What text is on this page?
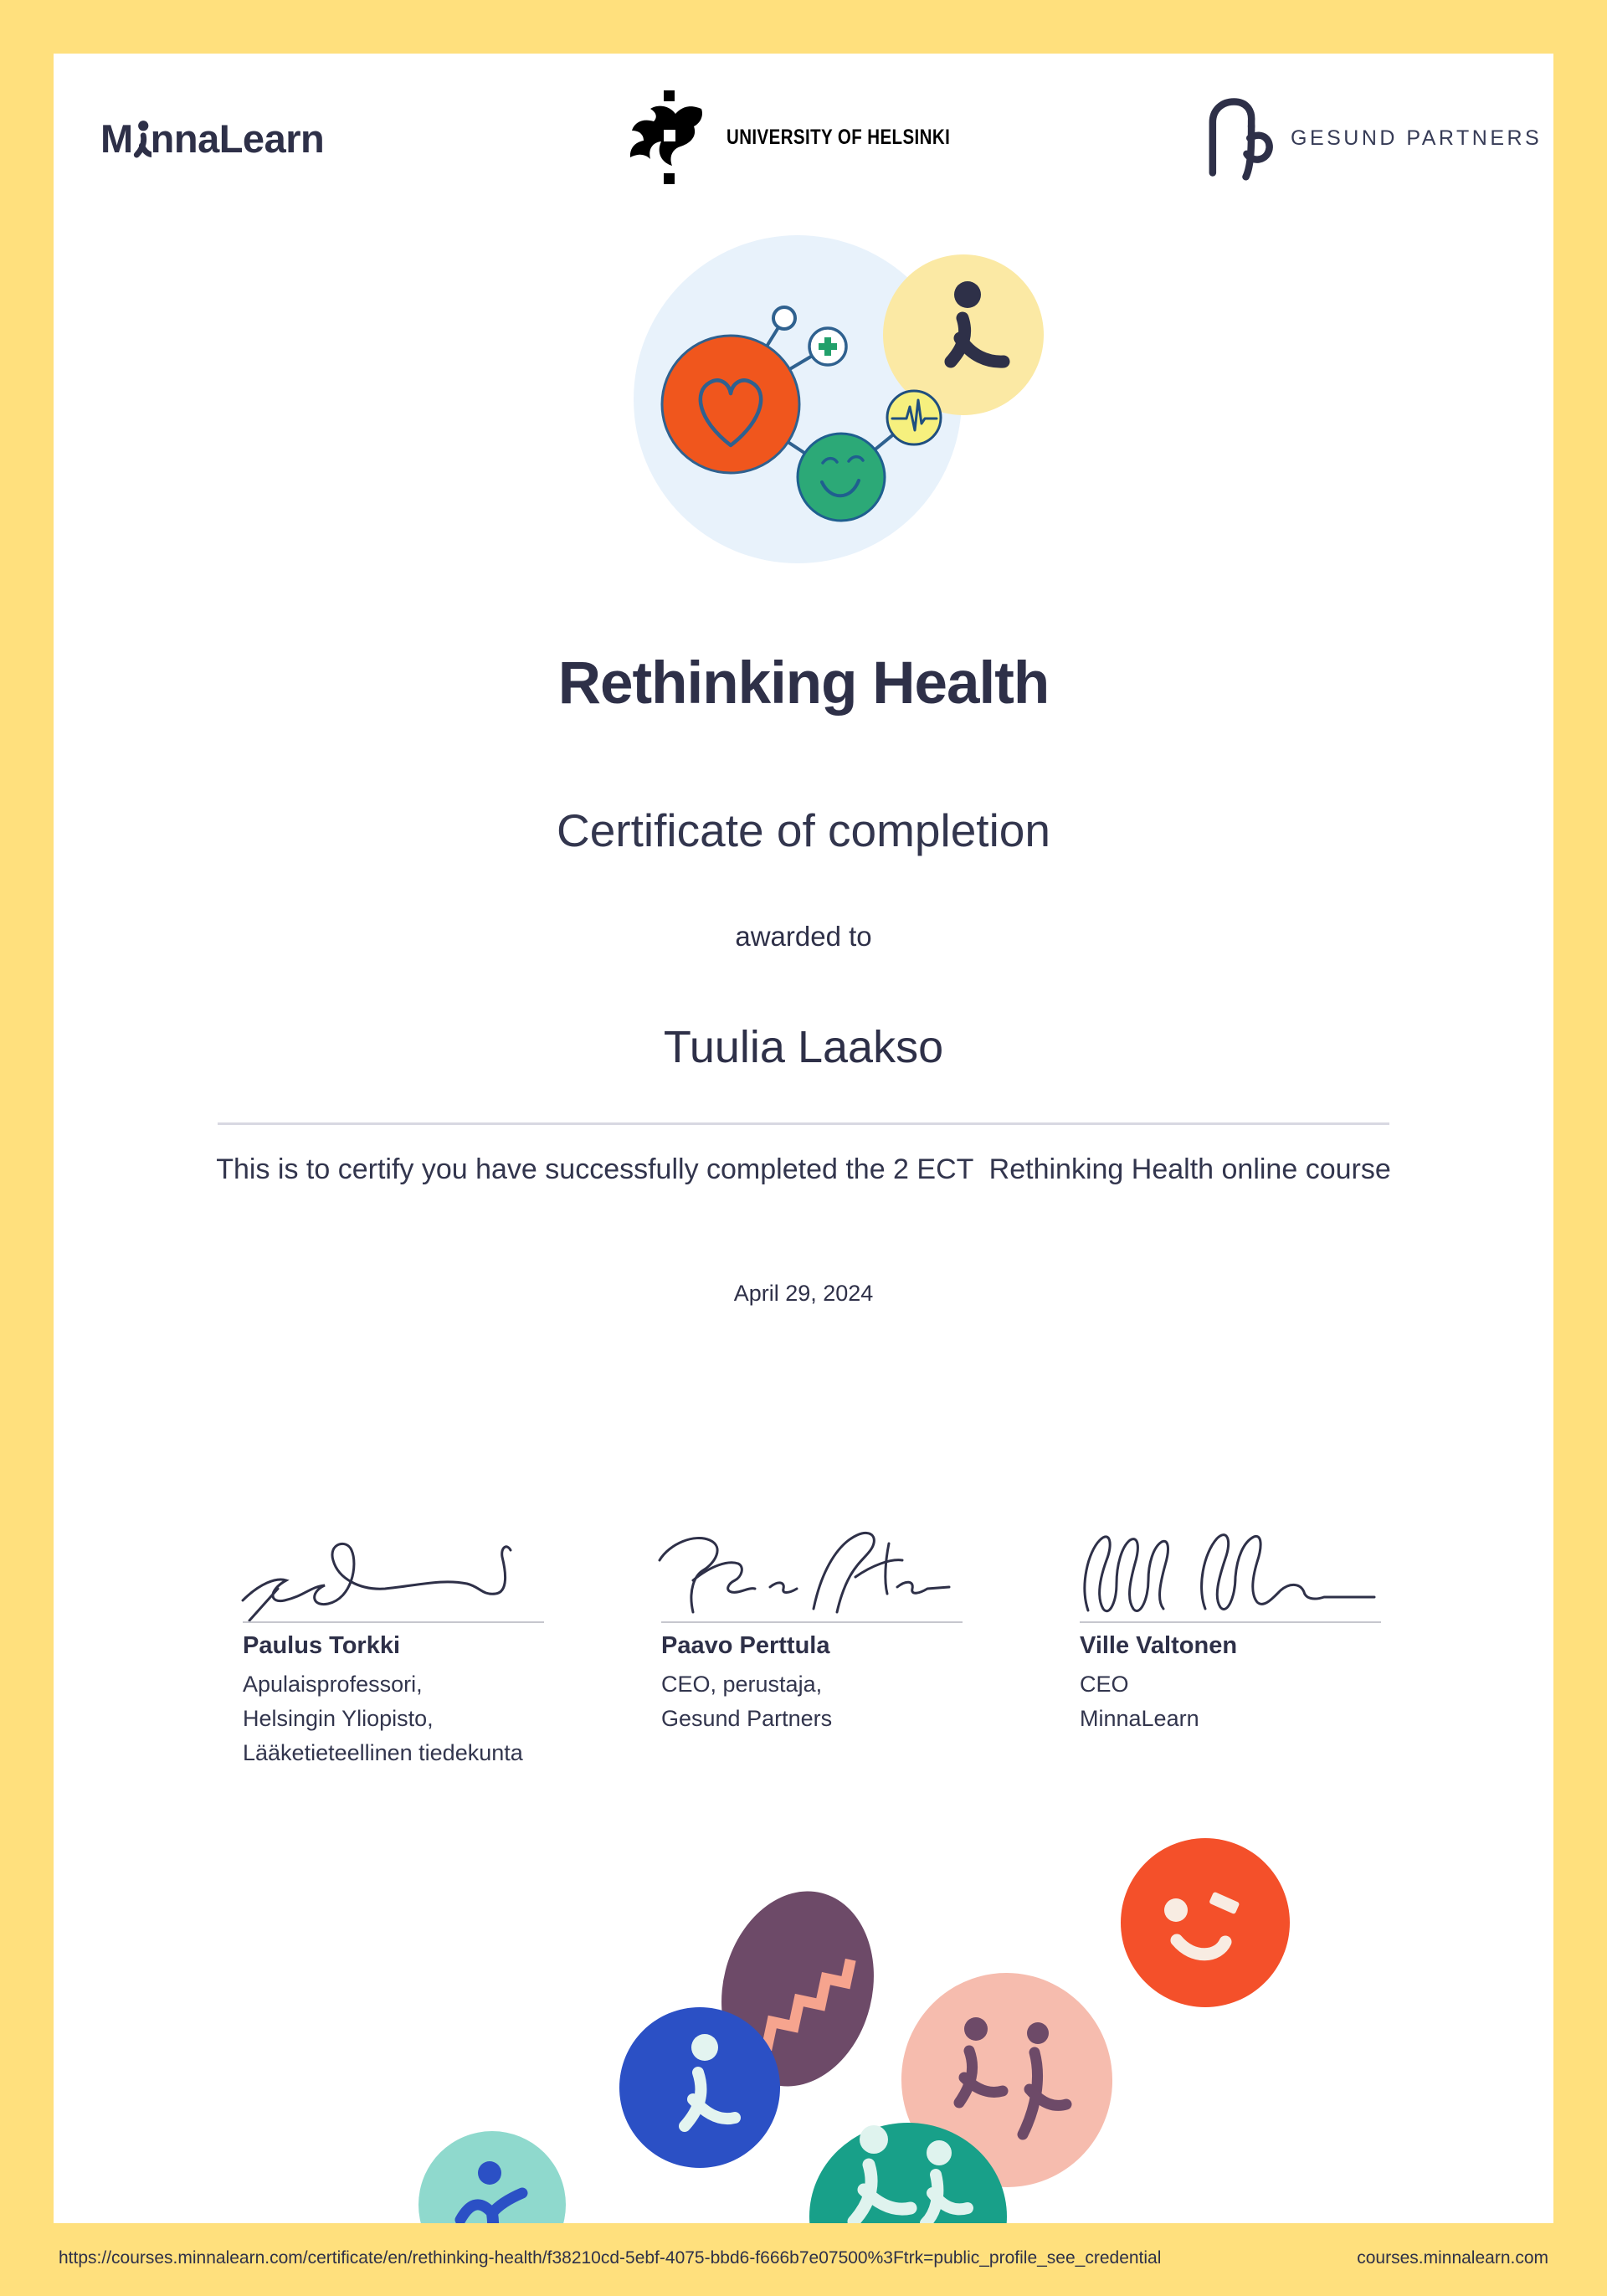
M nnaLearn	UNIVERSITY OF HELSINKI	GESUND PARTNERS
Rethinking Health
Certificate of completion
awarded to
Tuulia Laakso
This is to certify you have successfully completed the 2 ECT  Rethinking Health online course
April 29, 2024
Paulus Torkki
Apulaisprofessori,
Helsingin Yliopisto,
Lääketieteellinen tiedekunta
Paavo Perttula
CEO, perustaja,
Gesund Partners
Ville Valtonen
CEO
MinnaLearn
https://courses.minnalearn.com/certificate/en/rethinking-health/f38210cd-5ebf-4075-bbd6-f666b7e07500%3Ftrk=public_profile_see_credential	courses.minnalearn.com
